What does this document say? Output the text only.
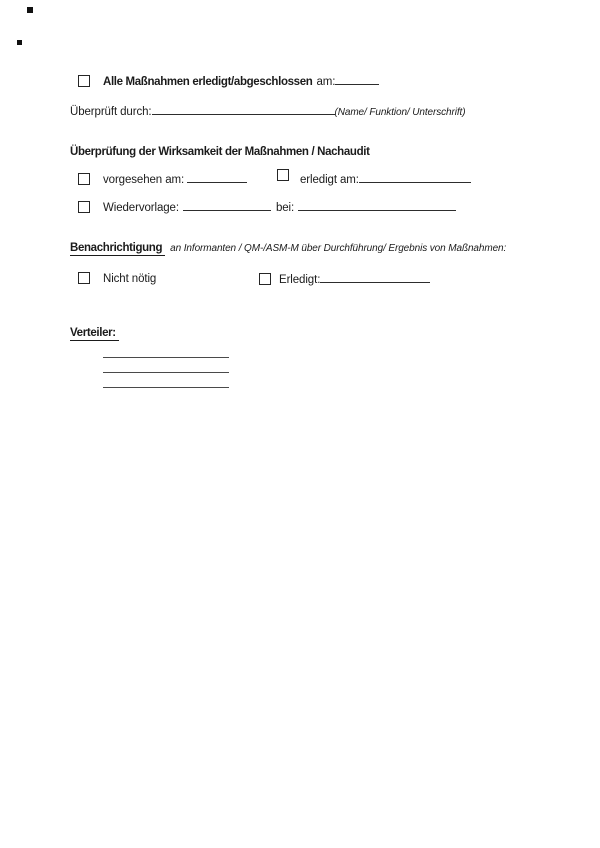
Alle Maßnahmen erledigt/abgeschlossen am:
Überprüft durch:	(Name/ Funktion/ Unterschrift)
Überprüfung der Wirksamkeit der Maßnahmen / Nachaudit
vorgesehen am:	erledigt am:
Wiedervorlage:	bei:
Benachrichtigung an Informanten / QM-/ASM-M über Durchführung/ Ergebnis von Maßnahmen:
Nicht nötig	Erledigt:
Verteiler:
